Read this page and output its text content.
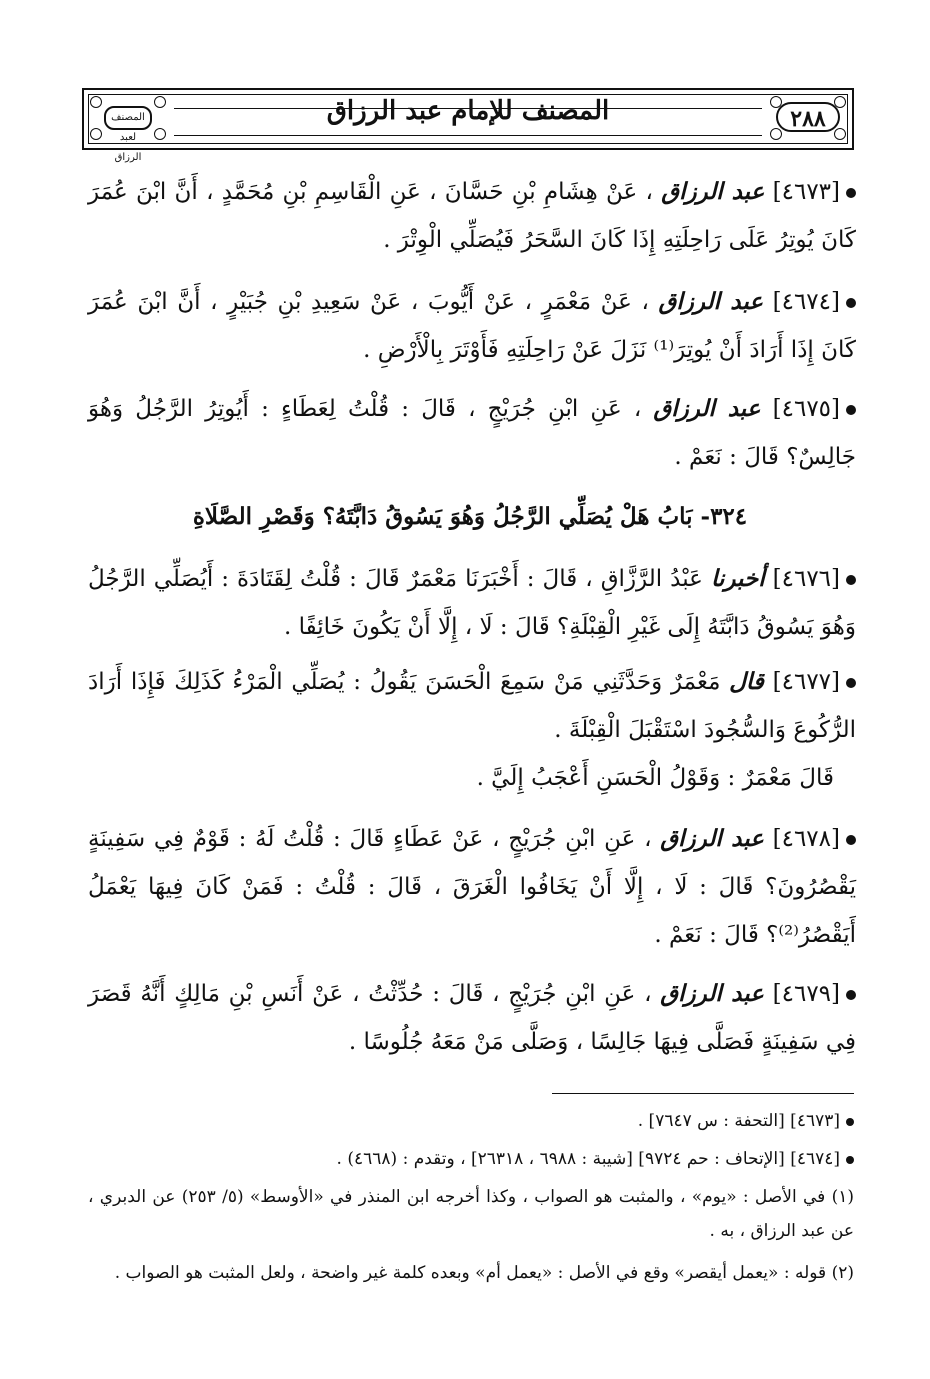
المصنف للإمام عبد الرزاق	٢٨٨
المصنف لعبد الرزاق
[٤٦٧٣] عبد الرزاق ، عَنْ هِشَامِ بْنِ حَسَّانَ ، عَنِ الْقَاسِمِ بْنِ مُحَمَّدٍ ، أَنَّ ابْنَ عُمَرَ كَانَ يُوتِرُ عَلَى رَاحِلَتِهِ إِذَا كَانَ السَّحَرُ فَيُصَلِّي الْوِتْرَ .
[٤٦٧٤] عبد الرزاق ، عَنْ مَعْمَرٍ ، عَنْ أَيُّوبَ ، عَنْ سَعِيدِ بْنِ جُبَيْرٍ ، أَنَّ ابْنَ عُمَرَ كَانَ إِذَا أَرَادَ أَنْ يُوتِرَ⁽¹⁾ نَزَلَ عَنْ رَاحِلَتِهِ فَأَوْتَرَ بِالْأَرْضِ .
[٤٦٧٥] عبد الرزاق ، عَنِ ابْنِ جُرَيْجٍ ، قَالَ : قُلْتُ لِعَطَاءٍ : أَيُوتِرُ الرَّجُلُ وَهُوَ جَالِسٌ؟ قَالَ : نَعَمْ .
٣٢٤- بَابُ هَلْ يُصَلِّي الرَّجُلُ وَهُوَ يَسُوقُ دَابَّتَهُ؟ وَقَصْرِ الصَّلَاةِ
[٤٦٧٦] أخبرنا عَبْدُ الرَّزَّاقِ ، قَالَ : أَخْبَرَنَا مَعْمَرٌ قَالَ : قُلْتُ لِقَتَادَةَ : أَيُصَلِّي الرَّجُلُ وَهُوَ يَسُوقُ دَابَّتَهُ إِلَى غَيْرِ الْقِبْلَةِ؟ قَالَ : لَا ، إِلَّا أَنْ يَكُونَ خَائِفًا .
[٤٦٧٧] قال مَعْمَرٌ وَحَدَّثَنِي مَنْ سَمِعَ الْحَسَنَ يَقُولُ : يُصَلِّي الْمَرْءُ كَذَلِكَ فَإِذَا أَرَادَ الرُّكُوعَ وَالسُّجُودَ اسْتَقْبَلَ الْقِبْلَةَ .
قَالَ مَعْمَرٌ : وَقَوْلُ الْحَسَنِ أَعْجَبُ إِلَيَّ .
[٤٦٧٨] عبد الرزاق ، عَنِ ابْنِ جُرَيْجٍ ، عَنْ عَطَاءٍ قَالَ : قُلْتُ لَهُ : قَوْمٌ فِي سَفِينَةٍ يَقْصُرُونَ؟ قَالَ : لَا ، إِلَّا أَنْ يَخَافُوا الْغَرَقَ ، قَالَ : قُلْتُ : فَمَنْ كَانَ فِيهَا يَعْمَلُ أَيَقْصُرُ⁽²⁾؟ قَالَ : نَعَمْ .
[٤٦٧٩] عبد الرزاق ، عَنِ ابْنِ جُرَيْجٍ ، قَالَ : حُدِّثْتُ ، عَنْ أَنَسِ بْنِ مَالِكٍ أَنَّهُ قَصَرَ فِي سَفِينَةٍ فَصَلَّى فِيهَا جَالِسًا ، وَصَلَّى مَنْ مَعَهُ جُلُوسًا .
[٤٦٧٣] [التحفة : س ٧٦٤٧] .
[٤٦٧٤] [الإتحاف : حم ٩٧٢٤] [شيبة : ٦٩٨٨ ، ٢٦٣١٨] ، وتقدم : (٤٦٦٨) .
(١) في الأصل : «يوم» ، والمثبت هو الصواب ، وكذا أخرجه ابن المنذر في «الأوسط» (٥/ ٢٥٣) عن الدبري ، عن عبد الرزاق ، به .
(٢) قوله : «يعمل أيقصر» وقع في الأصل : «يعمل أم» وبعده كلمة غير واضحة ، ولعل المثبت هو الصواب .
